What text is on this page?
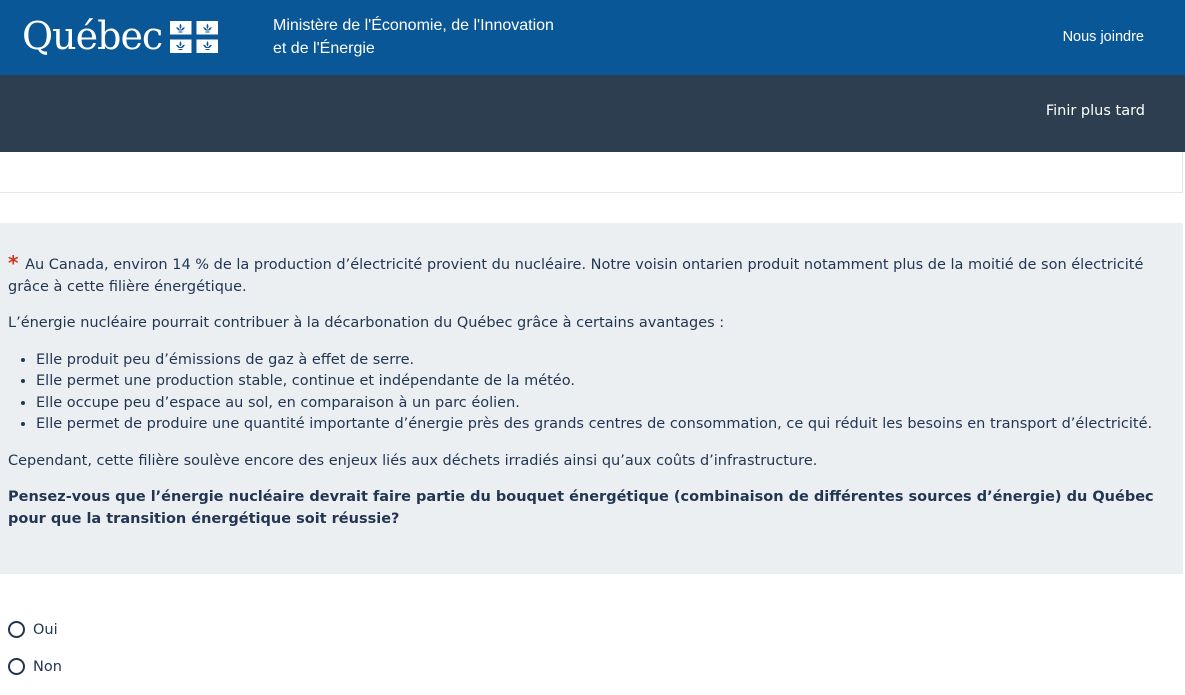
Québec	Ministère de l'Économie, de l'Innovation
et de l'Énergie
Nous joindre
Finir plus tard

* Au Canada, environ 14 % de la production d’électricité provient du nucléaire. Notre voisin ontarien produit notamment plus de la moitié de son électricité grâce à cette filière énergétique.

L’énergie nucléaire pourrait contribuer à la décarbonation du Québec grâce à certains avantages :

• Elle produit peu d’émissions de gaz à effet de serre.
• Elle permet une production stable, continue et indépendante de la météo.
• Elle occupe peu d’espace au sol, en comparaison à un parc éolien.
• Elle permet de produire une quantité importante d’énergie près des grands centres de consommation, ce qui réduit les besoins en transport d’électricité.

Cependant, cette filière soulève encore des enjeux liés aux déchets irradiés ainsi qu’aux coûts d’infrastructure.

Pensez-vous que l’énergie nucléaire devrait faire partie du bouquet énergétique (combinaison de différentes sources d’énergie) du Québec pour que la transition énergétique soit réussie?

Oui
Non
